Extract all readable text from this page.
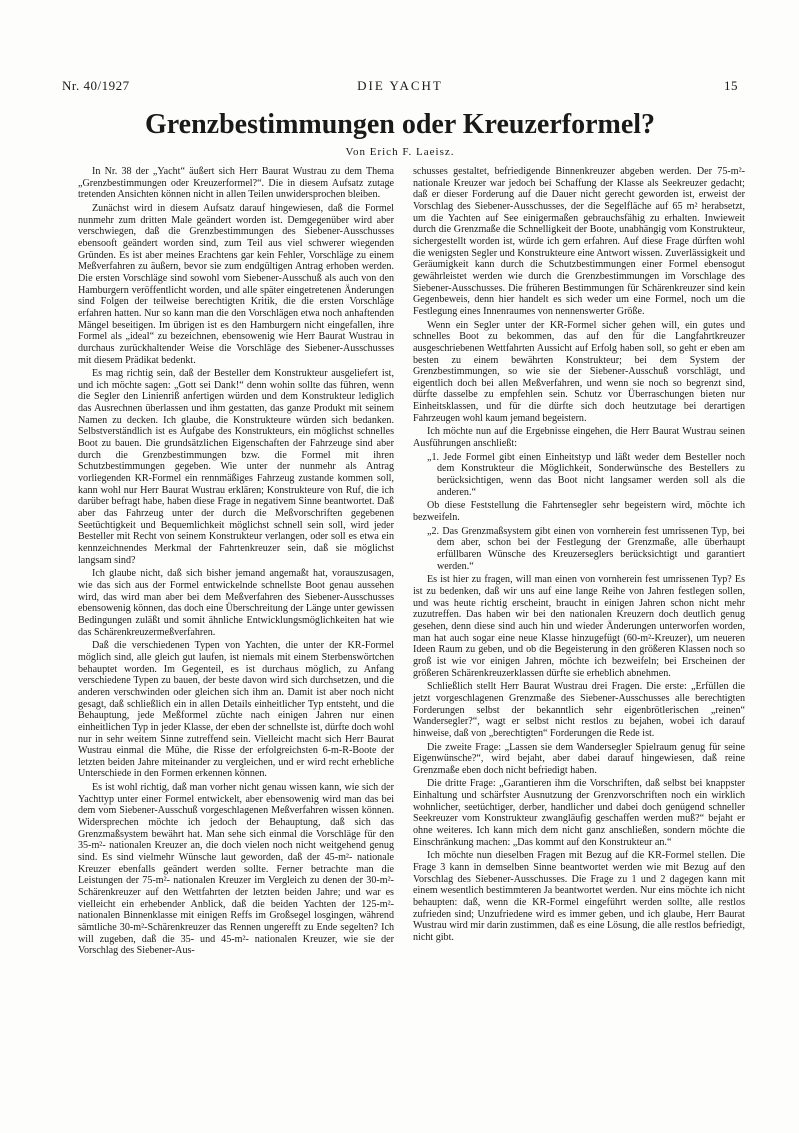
Nr. 40/1927	DIE YACHT	15
Grenzbestimmungen oder Kreuzerformel?
Von Erich F. Laeisz.

In Nr. 38 der „Yacht“ äußert sich Herr Baurat Wustrau zu dem Thema „Grenzbestimmungen oder Kreuzerformel?“. Die in diesem Aufsatz zutage tretenden Ansichten können nicht in allen Teilen unwidersprochen bleiben.

Zunächst wird in diesem Aufsatz darauf hingewiesen, daß die Formel nunmehr zum dritten Male geändert worden ist. Demgegenüber wird aber verschwiegen, daß die Grenzbestimmungen des Siebener-Ausschusses ebensooft geändert worden sind, zum Teil aus viel schwerer wiegenden Gründen. Es ist aber meines Erachtens gar kein Fehler, Vorschläge zu einem Meßverfahren zu äußern, bevor sie zum endgültigen Antrag erhoben werden. Die ersten Vorschläge sind sowohl vom Siebener-Ausschuß als auch von den Hamburgern veröffentlicht worden, und alle später eingetretenen Änderungen sind Folgen der teilweise berechtigten Kritik, die die ersten Vorschläge erfahren hatten. Nur so kann man die den Vorschlägen etwa noch anhaftenden Mängel beseitigen. Im übrigen ist es den Hamburgern nicht eingefallen, ihre Formel als „ideal“ zu bezeichnen, ebensowenig wie Herr Baurat Wustrau in durchaus zurückhaltender Weise die Vorschläge des Siebener-Ausschusses mit diesem Prädikat bedenkt.

Es mag richtig sein, daß der Besteller dem Konstrukteur ausgeliefert ist, und ich möchte sagen: „Gott sei Dank!“ denn wohin sollte das führen, wenn die Segler den Linienriß anfertigen würden und dem Konstrukteur lediglich das Ausrechnen überlassen und ihm gestatten, das ganze Produkt mit seinem Namen zu decken. Ich glaube, die Konstrukteure würden sich bedanken. Selbstverständlich ist es Aufgabe des Konstrukteurs, ein möglichst schnelles Boot zu bauen. Die grundsätzlichen Eigenschaften der Fahrzeuge sind aber durch die Grenzbestimmungen bzw. die Formel mit ihren Schutzbestimmungen gegeben. Wie unter der nunmehr als Antrag vorliegenden KR-Formel ein rennmäßiges Fahrzeug zustande kommen soll, kann wohl nur Herr Baurat Wustrau erklären; Konstrukteure von Ruf, die ich darüber befragt habe, haben diese Frage in negativem Sinne beantwortet. Daß aber das Fahrzeug unter der durch die Meßvorschriften gegebenen Seetüchtigkeit und Bequemlichkeit möglichst schnell sein soll, wird jeder Besteller mit Recht von seinem Konstrukteur verlangen, oder soll es etwa ein kennzeichnendes Merkmal der Fahrtenkreuzer sein, daß sie möglichst langsam sind?

Ich glaube nicht, daß sich bisher jemand angemaßt hat, vorauszusagen, wie das sich aus der Formel entwickelnde schnellste Boot genau aussehen wird, das wird man aber bei dem Meßverfahren des Siebener-Ausschusses ebensowenig können, das doch eine Überschreitung der Länge unter gewissen Bedingungen zuläßt und somit ähnliche Entwicklungsmöglichkeiten hat wie das Schärenkreuzermeßverfahren.

Daß die verschiedenen Typen von Yachten, die unter der KR-Formel möglich sind, alle gleich gut laufen, ist niemals mit einem Sterbenswörtchen behauptet worden. Im Gegenteil, es ist durchaus möglich, zu Anfang verschiedene Typen zu bauen, der beste davon wird sich durchsetzen, und die anderen verschwinden oder gleichen sich ihm an. Damit ist aber noch nicht gesagt, daß schließlich ein in allen Details einheitlicher Typ entsteht, und die Behauptung, jede Meßformel züchte nach einigen Jahren nur einen einheitlichen Typ in jeder Klasse, der eben der schnellste ist, dürfte doch wohl nur in sehr weitem Sinne zutreffend sein. Vielleicht macht sich Herr Baurat Wustrau einmal die Mühe, die Risse der erfolgreichsten 6-m-R-Boote der letzten beiden Jahre miteinander zu vergleichen, und er wird recht erhebliche Unterschiede in den Formen erkennen können.

Es ist wohl richtig, daß man vorher nicht genau wissen kann, wie sich der Yachttyp unter einer Formel entwickelt, aber ebensowenig wird man das bei dem vom Siebener-Ausschuß vorgeschlagenen Meßverfahren wissen können. Widersprechen möchte ich jedoch der Behauptung, daß sich das Grenzmaßsystem bewährt hat. Man sehe sich einmal die Vorschläge für den 35-m²- nationalen Kreuzer an, die doch vielen noch nicht weitgehend genug sind. Es sind vielmehr Wünsche laut geworden, daß der 45-m²- nationale Kreuzer ebenfalls geändert werden sollte. Ferner betrachte man die Leistungen der 75-m²- nationalen Kreuzer im Vergleich zu denen der 30-m²-Schärenkreuzer auf den Wettfahrten der letzten beiden Jahre; und war es vielleicht ein erhebender Anblick, daß die beiden Yachten der 125-m²- nationalen Binnenklasse mit einigen Reffs im Großsegel losgingen, während sämtliche 30-m²-Schärenkreuzer das Rennen ungerefft zu Ende segelten? Ich will zugeben, daß die 35- und 45-m²- nationalen Kreuzer, wie sie der Vorschlag des Siebener-Aus-

schusses gestaltet, befriedigende Binnenkreuzer abgeben werden. Der 75-m²- nationale Kreuzer war jedoch bei Schaffung der Klasse als Seekreuzer gedacht; daß er dieser Forderung auf die Dauer nicht gerecht geworden ist, erweist der Vorschlag des Siebener-Ausschusses, der die Segelfläche auf 65 m² herabsetzt, um die Yachten auf See einigermaßen gebrauchsfähig zu erhalten. Inwieweit durch die Grenzmaße die Schnelligkeit der Boote, unabhängig vom Konstrukteur, sichergestellt worden ist, würde ich gern erfahren. Auf diese Frage dürften wohl die wenigsten Segler und Konstrukteure eine Antwort wissen. Zuverlässigkeit und Geräumigkeit kann durch die Schutzbestimmungen einer Formel ebensogut gewährleistet werden wie durch die Grenzbestimmungen im Vorschlage des Siebener-Ausschusses. Die früheren Bestimmungen für Schärenkreuzer sind kein Gegenbeweis, denn hier handelt es sich weder um eine Formel, noch um die Festlegung eines Innenraumes von nennenswerter Größe.

Wenn ein Segler unter der KR-Formel sicher gehen will, ein gutes und schnelles Boot zu bekommen, das auf den für die Langfahrtkreuzer ausgeschriebenen Wettfahrten Aussicht auf Erfolg haben soll, so geht er eben am besten zu einem bewährten Konstrukteur; bei dem System der Grenzbestimmungen, so wie sie der Siebener-Ausschuß vorschlägt, und eigentlich doch bei allen Meßverfahren, und wenn sie noch so begrenzt sind, dürfte dasselbe zu empfehlen sein. Schutz vor Überraschungen bieten nur Einheitsklassen, und für die dürfte sich doch heutzutage bei derartigen Fahrzeugen wohl kaum jemand begeistern.

Ich möchte nun auf die Ergebnisse eingehen, die Herr Baurat Wustrau seinen Ausführungen anschließt:

„1. Jede Formel gibt einen Einheitstyp und läßt weder dem Besteller noch dem Konstrukteur die Möglichkeit, Sonderwünsche des Bestellers zu berücksichtigen, wenn das Boot nicht langsamer werden soll als die anderen.“

Ob diese Feststellung die Fahrtensegler sehr begeistern wird, möchte ich bezweifeln.

„2. Das Grenzmaßsystem gibt einen von vornherein fest umrissenen Typ, bei dem aber, schon bei der Festlegung der Grenzmaße, alle überhaupt erfüllbaren Wünsche des Kreuzerseglers berücksichtigt und garantiert werden.“

Es ist hier zu fragen, will man einen von vornherein fest umrissenen Typ? Es ist zu bedenken, daß wir uns auf eine lange Reihe von Jahren festlegen sollen, und was heute richtig erscheint, braucht in einigen Jahren schon nicht mehr zuzutreffen. Das haben wir bei den nationalen Kreuzern doch deutlich genug gesehen, denn diese sind auch hin und wieder Änderungen unterworfen worden, man hat auch sogar eine neue Klasse hinzugefügt (60-m²-Kreuzer), um neueren Ideen Raum zu geben, und ob die Begeisterung in den größeren Klassen noch so groß ist wie vor einigen Jahren, möchte ich bezweifeln; bei Erscheinen der größeren Schärenkreuzerklassen dürfte sie erheblich abnehmen.

Schließlich stellt Herr Baurat Wustrau drei Fragen. Die erste: „Erfüllen die jetzt vorgeschlagenen Grenzmaße des Siebener-Ausschusses alle berechtigten Forderungen selbst der bekanntlich sehr eigenbrötlerischen „reinen“ Wandersegler?“, wagt er selbst nicht restlos zu bejahen, wobei ich darauf hinweise, daß von „berechtigten“ Forderungen die Rede ist.

Die zweite Frage: „Lassen sie dem Wandersegler Spielraum genug für seine Eigenwünsche?“, wird bejaht, aber dabei darauf hingewiesen, daß reine Grenzmaße eben doch nicht befriedigt haben.

Die dritte Frage: „Garantieren ihm die Vorschriften, daß selbst bei knappster Einhaltung und schärfster Ausnutzung der Grenzvorschriften noch ein wirklich wohnlicher, seetüchtiger, derber, handlicher und dabei doch genügend schneller Seekreuzer vom Konstrukteur zwangläufig geschaffen werden muß?“ bejaht er ohne weiteres. Ich kann mich dem nicht ganz anschließen, sondern möchte die Einschränkung machen: „Das kommt auf den Konstrukteur an.“

Ich möchte nun dieselben Fragen mit Bezug auf die KR-Formel stellen. Die Frage 3 kann in demselben Sinne beantwortet werden wie mit Bezug auf den Vorschlag des Siebener-Ausschusses. Die Frage zu 1 und 2 dagegen kann mit einem wesentlich bestimmteren Ja beantwortet werden. Nur eins möchte ich nicht behaupten: daß, wenn die KR-Formel eingeführt werden sollte, alle restlos zufrieden sind; Unzufriedene wird es immer geben, und ich glaube, Herr Baurat Wustrau wird mir darin zustimmen, daß es eine Lösung, die alle restlos befriedigt, nicht gibt.
